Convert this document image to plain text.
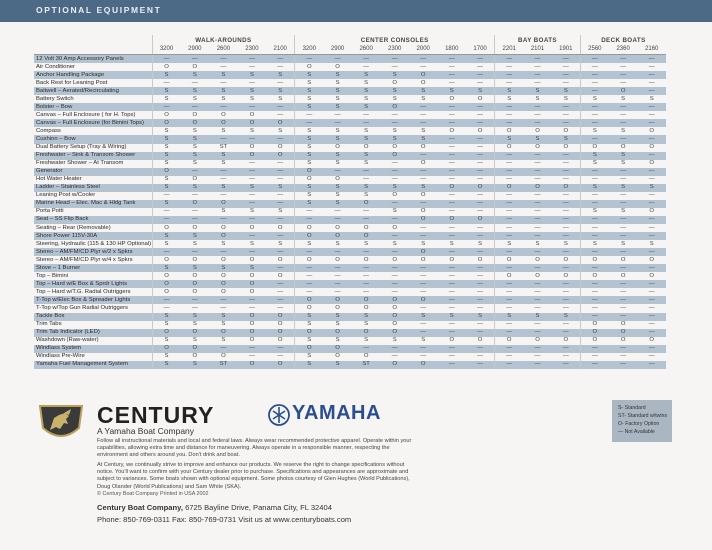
OPTIONAL EQUIPMENT
	WALK-AROUNDS					CENTER CONSOLES							BAY BOATS			DECK BOATS		
	3200	2900	2600	2300	2100	3200	2900	2600	2300	2000	1800	1700	2201	2101	1901	2560	2360	2160
12 Volt 30 Amp Accessory Panels	—	—	—	—	—	—	—	—	—	—	—	—	—	—	—	—	—	—
Air Conditioner	O	O	—	—	—	O	O	—	—	—	—	—	—	—	—	—	—	—
Anchor Handling Package	S	S	S	S	S	S	S	S	S	O	—	—	—	—	—	—	—	—
Back Rest for Leaning Post	—	—	—	—	—	S	S	S	O	O	—	—	—	—	—	—	—	—
Baitwell – Aerated/Recirculating	S	S	S	S	S	S	S	S	S	S	S	S	S	S	S	—	O	—
Battery Switch	S	S	S	S	S	S	S	S	S	S	O	O	S	S	S	S	S	S
Bolster – Bow	—	—	—	—	—	S	S	S	O	—	—	—	—	—	—	—	—	—
Canvas – Full Enclosure ( for H. Tops)	O	O	O	O	—	—	—	—	—	—	—	—	—	—	—	—	—	—
Canvas – Full Enclosure (for Bimini Tops)	O	O	O	O	O	—	—	—	—	—	—	—	—	—	—	—	—	—
Compass	S	S	S	S	S	S	S	S	S	S	O	O	O	O	O	S	S	O
Cushion – Bow	S	S	—	—	—	S	S	S	S	S	—	—	S	S	S	—	—	—
Dual Battery Setup (Tray & Wiring)	S	S	ST	O	O	S	O	O	O	O	—	—	O	O	O	O	O	O
Freshwater – Sink & Transom Shower	S	S	S	O	O	S	S	S	O	—	—	—	—	—	—	S	S	—
Freshwater Shower – At Transom	S	S	S	—	—	S	S	S	—	O	—	—	—	—	—	S	S	O
Generator	O	—	—	—	—	O	—	—	—	—	—	—	—	—	—	—	—	—
Hot Water Heater	S	O	—	—	—	O	O	—	—	—	—	—	—	—	—	—	—	—
Ladder – Stainless Steel	S	S	S	S	S	S	S	S	S	S	O	O	O	O	O	S	S	S
Leaning Post w/Cooler	—	—	—	—	—	S	S	S	O	O	—	—	—	—	—	—	—	—
Marine Head – Elec. Mac & Hldg Tank	S	O	O	—	—	S	S	O	—	—	—	—	—	—	—	—	—	—
Porta Potti	—	—	S	S	S	—	—	—	S	O	—	—	—	—	—	S	S	O
Seat – SS Flip Back	—	—	—	—	—	—	—	—	—	O	O	O	—	—	—	—	—	—
Seating – Rear (Removable)	O	O	O	O	O	O	O	O	O	—	—	—	—	—	—	—	—	—
Shore Power 115V-30A	S	S	O	—	—	O	O	O	—	—	—	—	—	—	—	—	—	—
Steering, Hydraulic (115 & 130 HP Optional)	S	S	S	S	S	S	S	S	S	S	S	S	S	S	S	S	S	S
Stereo – AM/FM/CD Plyr w/2 x Spkrs	—	—	—	—	—	—	—	—	—	O	—	—	—	—	—	—	—	—
Stereo – AM/FM/CD Plyr w/4 x Spkrs	O	O	O	O	O	O	O	O	O	O	O	O	O	O	O	O	O	O
Stove – 1 Burner	S	S	S	S	—	—	—	—	—	—	—	—	—	—	—	—	—	—
Top – Bimini	O	O	O	O	O	—	—	—	—	—	—	—	O	O	O	O	O	O
Top – Hard w/E Box & Sprdr Lights	O	O	O	O	—	—	—	—	—	—	—	—	—	—	—	—	—	—
Top – Hard w/T.G. Radial Outriggers	O	O	O	O	—	—	—	—	—	—	—	—	—	—	—	—	—	—
T-Top w/Elec Box & Spreader Lights	—	—	—	—	—	O	O	O	O	O	—	—	—	—	—	—	—	—
T-Top w/Top Gun Radial Outriggers	—	—	—	—	—	O	O	O	O	—	—	—	—	—	—	—	—	—
Tackle Box	S	S	S	O	O	S	S	S	O	S	S	S	S	S	S	—	—	—
Trim Tabs	S	S	S	O	O	S	S	S	O	—	—	—	—	—	—	O	O	—
Trim Tab Indicator (LED)	O	O	O	O	O	O	O	O	O	—	—	—	—	—	—	O	O	—
Washdown (Raw-water)	S	S	S	O	O	S	S	S	S	S	O	O	O	O	O	O	O	O
Windlass System	O	O	—	—	—	O	O	—	—	—	—	—	—	—	—	—	—	—
Windlass Pre-Wire	S	O	O	—	—	S	O	O	—	—	—	—	—	—	—	—	—	—
Yamaha Fuel Management System	S	S	ST	O	O	S	S	ST	O	O	—	—	—	—	—	—	—	—
CENTURY
A Yamaha Boat Company
YAMAHA
Follow all instructional materials and local and federal laws. Always wear recommended protective apparel. Operate within your capabilities, allowing extra time and distance for maneuvering. Always operate in a responsible manner, respecting the environment and others around you. Don't drink and boat.
At Century, we continually strive to improve and enhance our products. We reserve the right to change specifications without notice. You'll want to confirm with your Century dealer prior to purchase. Specifications and appearances are approximate and subject to variances. Some boats shown with optional equipment. Some photos courtesy of Glen Hughes (World Publications), Doug Olander (World Publications) and Sam White (SKA).
© Century Boat Company Printed in USA 2002
Century Boat Company, 6725 Bayline Drive, Panama City, FL 32404
Phone: 850-769-0311 Fax: 850-769-0731 Visit us at www.centuryboats.com
S- Standard
ST- Standard w/twins
O- Factory Option
— Not Available
